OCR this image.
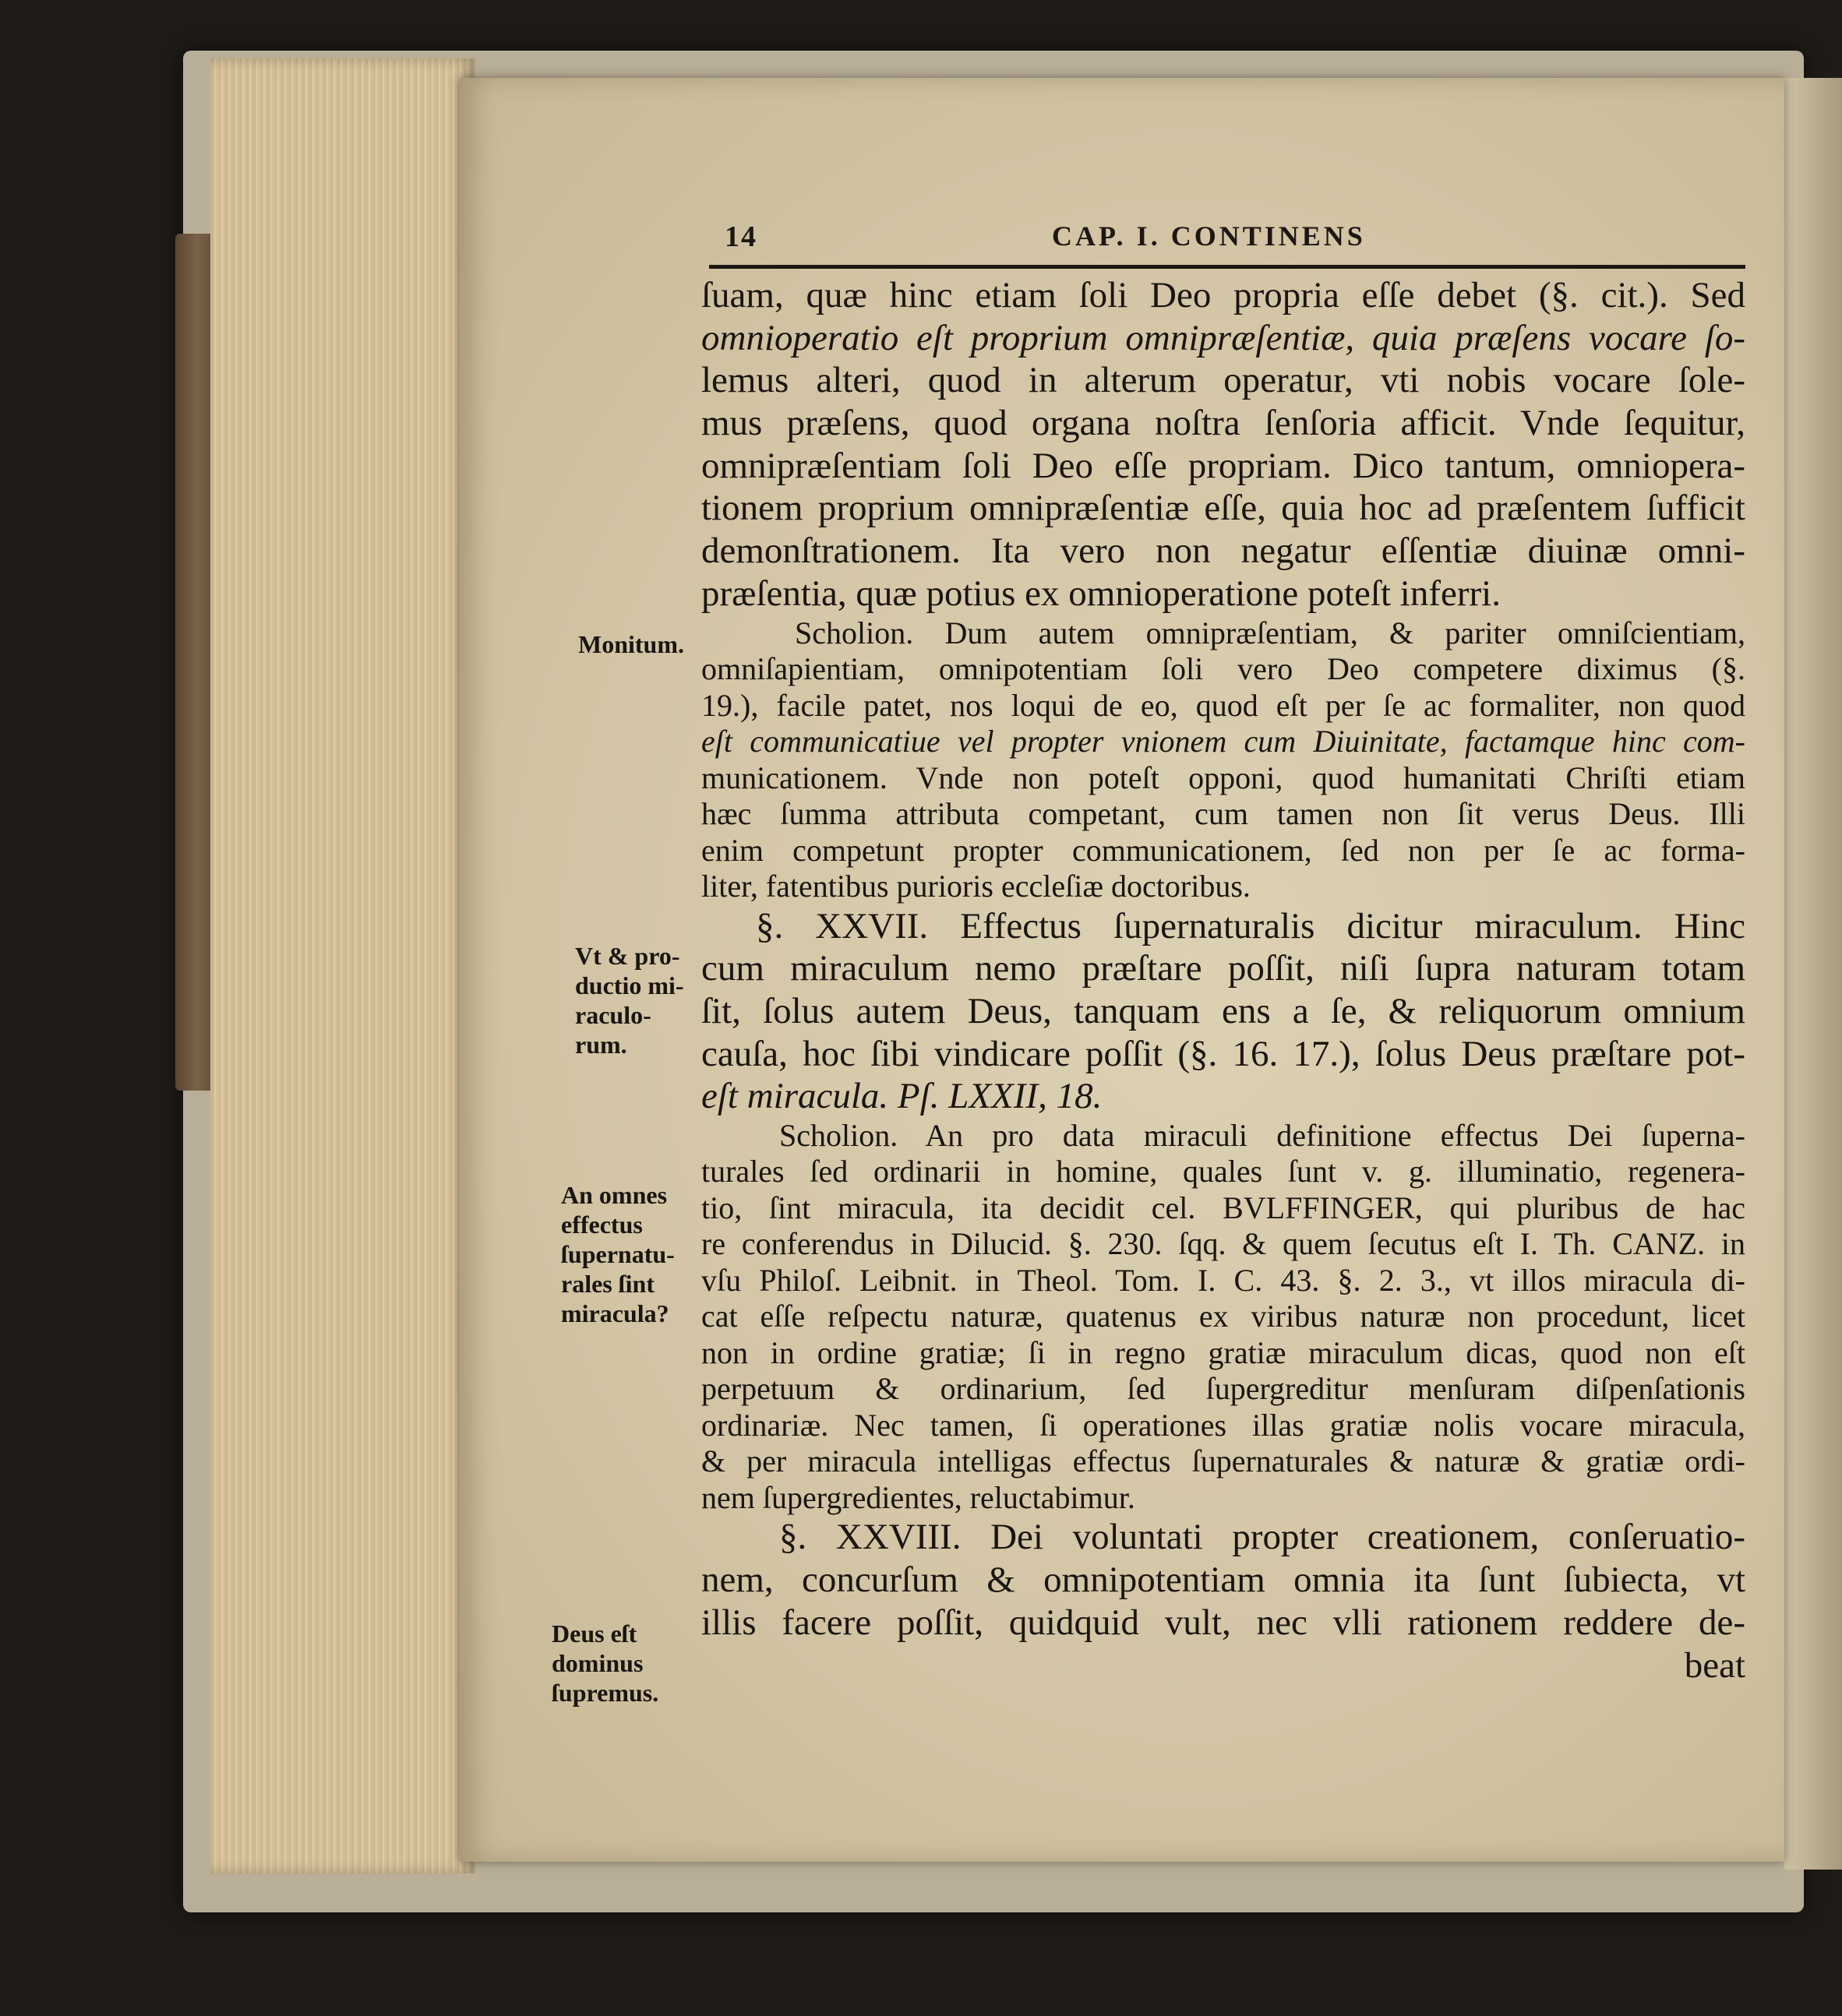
14	CAP. I. CONTINENS
Monitum.
Vt & pro-
ductio mi-
raculo-
rum.
An omnes
effectus
ſupernatu-
rales ſint
miracula?
Deus eſt
dominus
ſupremus.
ſuam, quæ hinc etiam ſoli Deo propria eſſe debet (§. cit.). Sed
omnioperatio eſt proprium omnipræſentiæ, quia præſens vocare ſo-
lemus alteri, quod in alterum operatur, vti nobis vocare ſole-
mus præſens, quod organa noſtra ſenſoria afficit. Vnde ſequitur,
omnipræſentiam ſoli Deo eſſe propriam. Dico tantum, omniopera-
tionem proprium omnipræſentiæ eſſe, quia hoc ad præſentem ſufficit
demonſtrationem. Ita vero non negatur eſſentiæ diuinæ omni-
præſentia, quæ potius ex omnioperatione poteſt inferri.
Scholion. Dum autem omnipræſentiam, & pariter omniſcientiam,
omniſapientiam, omnipotentiam ſoli vero Deo competere diximus (§.
19.), facile patet, nos loqui de eo, quod eſt per ſe ac formaliter, non quod
eſt communicatiue vel propter vnionem cum Diuinitate, factamque hinc com-
municationem. Vnde non poteſt opponi, quod humanitati Chriſti etiam
hæc ſumma attributa competant, cum tamen non ſit verus Deus. Illi
enim competunt propter communicationem, ſed non per ſe ac forma-
liter, fatentibus purioris eccleſiæ doctoribus.
§. XXVII. Effectus ſupernaturalis dicitur miraculum. Hinc
cum miraculum nemo præſtare poſſit, niſi ſupra naturam totam
ſit, ſolus autem Deus, tanquam ens a ſe, & reliquorum omnium
cauſa, hoc ſibi vindicare poſſit (§. 16. 17.), ſolus Deus præſtare pot-
eſt miracula. Pſ. LXXII, 18.
Scholion. An pro data miraculi definitione effectus Dei ſuperna-
turales ſed ordinarii in homine, quales ſunt v. g. illuminatio, regenera-
tio, ſint miracula, ita decidit cel. BVLFFINGER, qui pluribus de hac
re conferendus in Dilucid. §. 230. ſqq. & quem ſecutus eſt I. Th. CANZ. in
vſu Philoſ. Leibnit. in Theol. Tom. I. C. 43. §. 2. 3., vt illos miracula di-
cat eſſe reſpectu naturæ, quatenus ex viribus naturæ non procedunt, licet
non in ordine gratiæ; ſi in regno gratiæ miraculum dicas, quod non eſt
perpetuum & ordinarium, ſed ſupergreditur menſuram diſpenſationis
ordinariæ. Nec tamen, ſi operationes illas gratiæ nolis vocare miracula,
& per miracula intelligas effectus ſupernaturales & naturæ & gratiæ ordi-
nem ſupergredientes, reluctabimur.
§. XXVIII. Dei voluntati propter creationem, conſeruatio-
nem, concurſum & omnipotentiam omnia ita ſunt ſubiecta, vt
illis facere poſſit, quidquid vult, nec vlli rationem reddere de-
beat
